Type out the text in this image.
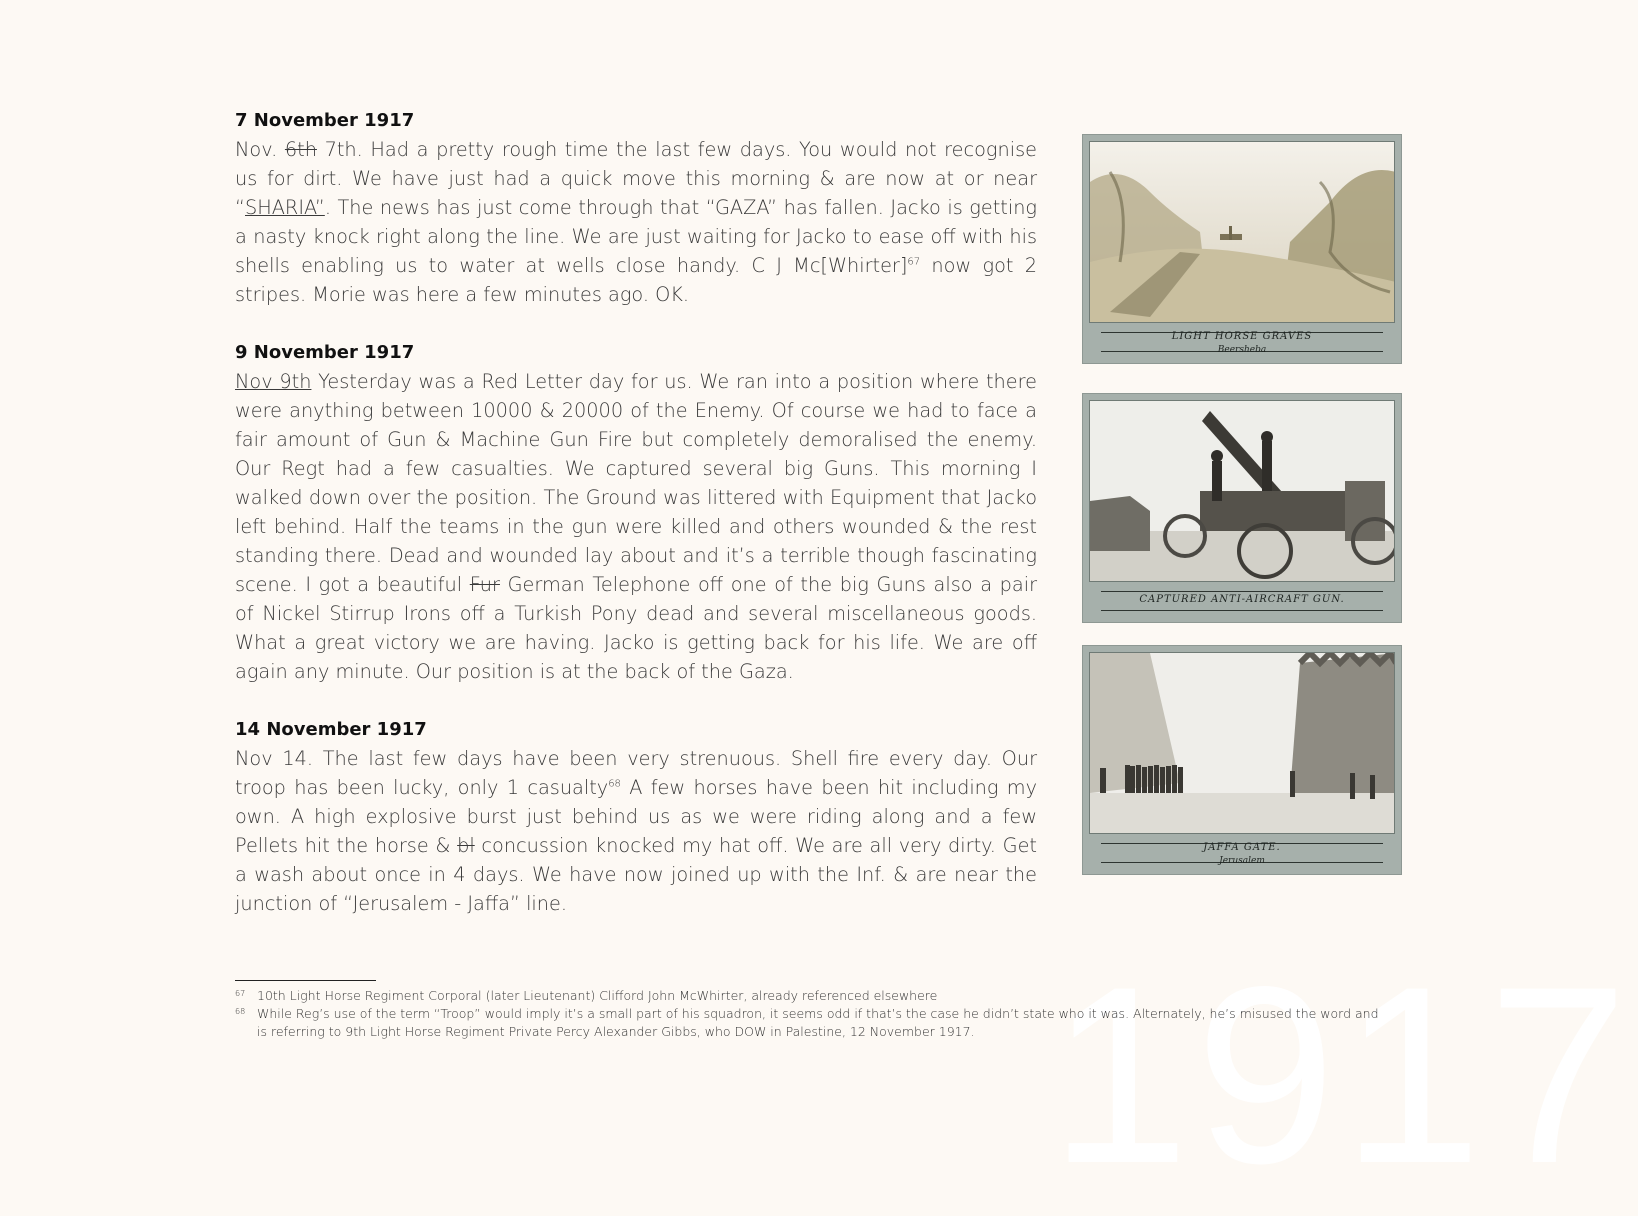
1917
7 November 1917

Nov. 6th 7th. Had a pretty rough time the last few days. You would not recognise us for dirt. We have just had a quick move this morning & are now at or near “SHARIA”. The news has just come through that “GAZA” has fallen. Jacko is getting a nasty knock right along the line. We are just waiting for Jacko to ease off with his shells enabling us to water at wells close handy. C J Mc[Whirter]$^{67}$ now got 2 stripes. Morie was here a few minutes ago. OK.

9 November 1917

Nov 9th Yesterday was a Red Letter day for us. We ran into a position where there were anything between 10000 & 20000 of the Enemy. Of course we had to face a fair amount of Gun & Machine Gun Fire but completely demoralised the enemy. Our Regt had a few casualties. We captured several big Guns. This morning I walked down over the position. The Ground was littered with Equipment that Jacko left behind. Half the teams in the gun were killed and others wounded & the rest standing there. Dead and wounded lay about and it’s a terrible though fascinating scene. I got a beautiful Fur German Telephone off one of the big Guns also a pair of Nickel Stirrup Irons off a Turkish Pony dead and several miscellaneous goods. What a great victory we are having. Jacko is getting back for his life. We are off again any minute. Our position is at the back of the Gaza.

14 November 1917

Nov 14. The last few days have been very strenuous. Shell fire every day. Our troop has been lucky, only 1 casualty$^{68}$ A few horses have been hit including my own. A high explosive burst just behind us as we were riding along and a few Pellets hit the horse & bl concussion knocked my hat off. We are all very dirty. Get a wash about once in 4 days. We have now joined up with the Inf. & are near the junction of “Jerusalem - Jaffa” line.

LIGHT HORSE GRAVES
Beersheba
CAPTURED ANTI-AIRCRAFT GUN.
JAFFA GATE.
Jerusalem
67 10th Light Horse Regiment Corporal (later Lieutenant) Clifford John McWhirter, already referenced elsewhere
68 While Reg’s use of the term “Troop” would imply it’s a small part of his squadron, it seems odd if that’s the case he didn’t state who it was. Alternately, he’s misused the word and is referring to 9th Light Horse Regiment Private Percy Alexander Gibbs, who DOW in Palestine, 12 November 1917.
